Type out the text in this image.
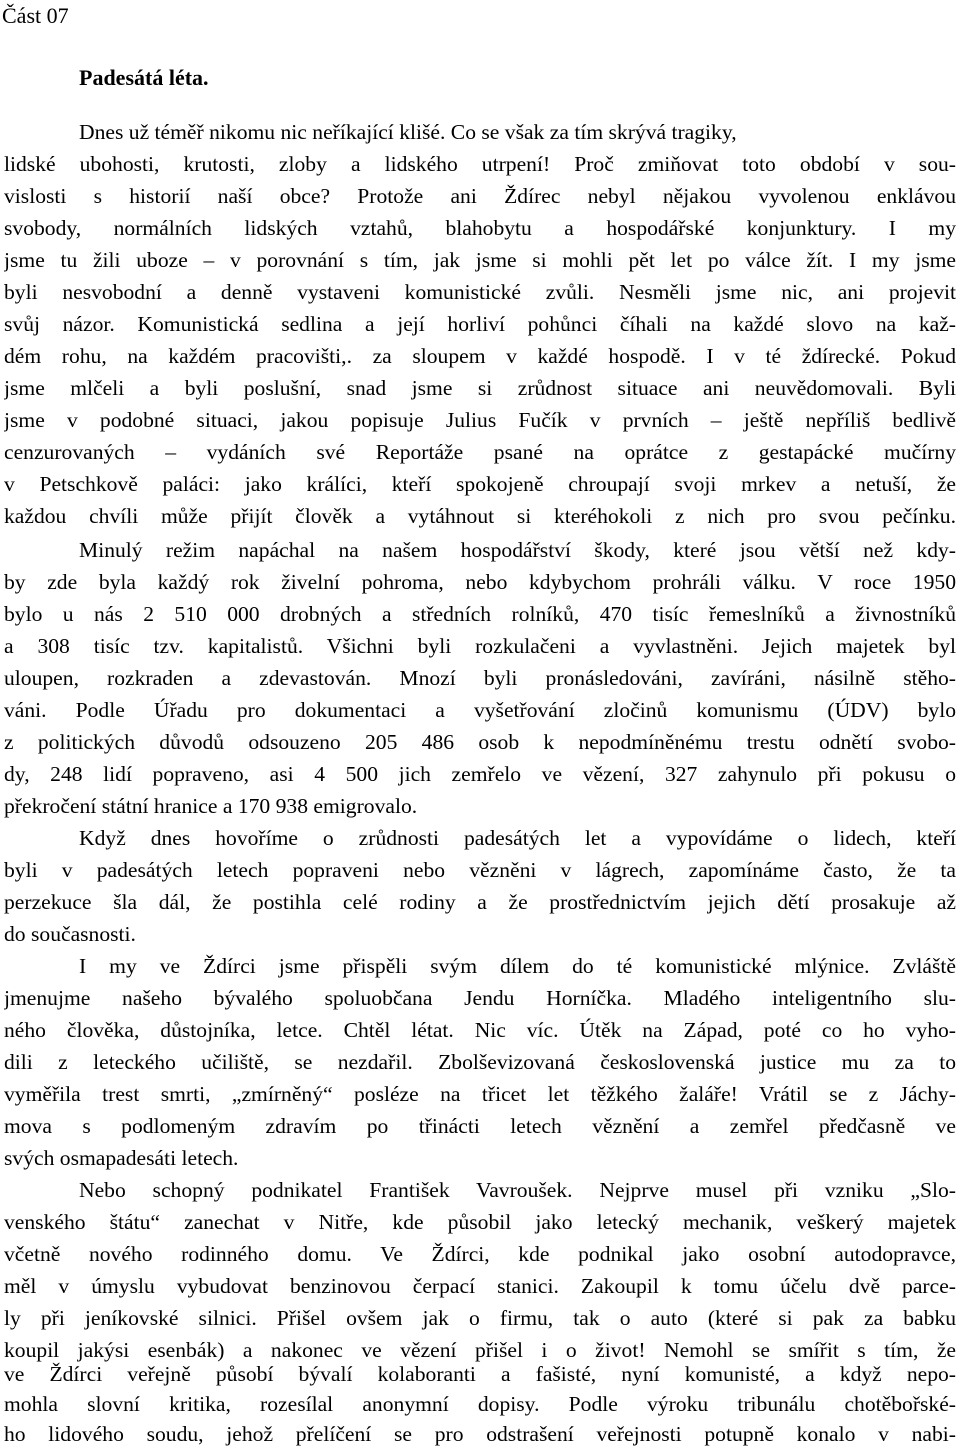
Část 07
Padesátá léta.
Dnes už téměř nikomu nic neříkající klišé. Co se však za tím skrývá tragiky,
lidské ubohosti, krutosti, zloby a lidského utrpení! Proč zmiňovat toto období v sou-
vislosti s historií naší obce? Protože ani Ždírec nebyl nějakou vyvolenou enklávou
svobody, normálních lidských vztahů, blahobytu a hospodářské konjunktury. I my
jsme tu žili uboze – v porovnání s tím, jak jsme si mohli pět let po válce žít. I my jsme
byli nesvobodní a denně vystaveni komunistické zvůli. Nesměli jsme nic, ani projevit
svůj názor. Komunistická sedlina a její horliví pohůnci číhali na každé slovo na kaž-
dém rohu, na každém pracovišti,. za sloupem v každé hospodě. I v té ždírecké. Pokud
jsme mlčeli a byli poslušní, snad jsme si zrůdnost situace ani neuvědomovali. Byli
jsme v podobné situaci, jakou popisuje Julius Fučík v prvních – ještě nepříliš bedlivě
cenzurovaných – vydáních své Reportáže psané na oprátce z gestapácké mučírny
v Petschkově paláci: jako králíci, kteří spokojeně chroupají svoji mrkev a netuší, že
každou chvíli může přijít člověk a vytáhnout si kteréhokoli z nich pro svou pečínku.
Minulý režim napáchal na našem hospodářství škody, které jsou větší než kdy-
by zde byla každý rok živelní pohroma, nebo kdybychom prohráli válku. V roce 1950
bylo u nás 2 510 000 drobných a středních rolníků, 470 tisíc řemeslníků a živnostníků
a 308 tisíc tzv. kapitalistů. Všichni byli rozkulačeni a vyvlastněni. Jejich majetek byl
uloupen, rozkraden a zdevastován. Mnozí byli pronásledováni, zavíráni, násilně stěho-
váni. Podle Úřadu pro dokumentaci a vyšetřování zločinů komunismu (ÚDV) bylo
z politických důvodů odsouzeno 205 486 osob k nepodmíněnému trestu odnětí svobo-
dy, 248 lidí popraveno, asi 4 500 jich zemřelo ve vězení, 327 zahynulo při pokusu o
překročení státní hranice a 170 938 emigrovalo.
Když dnes hovoříme o zrůdnosti padesátých let a vypovídáme o lidech, kteří
byli v padesátých letech popraveni nebo vězněni v lágrech, zapomínáme často, že ta
perzekuce šla dál, že postihla celé rodiny a že prostřednictvím jejich dětí prosakuje až
do současnosti.
I my ve Ždírci jsme přispěli svým dílem do té komunistické mlýnice. Zvláště
jmenujme našeho bývalého spoluobčana Jendu Horníčka. Mladého inteligentního slu-
ného člověka, důstojníka, letce. Chtěl létat. Nic víc. Útěk na Západ, poté co ho vyho-
dili z leteckého učiliště, se nezdařil. Zbolševizovaná československá justice mu za to
vyměřila trest smrti, „zmírněný“ posléze na třicet let těžkého žaláře! Vrátil se z Jáchy-
mova s podlomeným zdravím po třinácti letech věznění a zemřel předčasně ve
svých osmapadesáti letech.
Nebo schopný podnikatel František Vavroušek. Nejprve musel při vzniku „Slo-
venského štátu“ zanechat v Nitře, kde působil jako letecký mechanik, veškerý majetek
včetně nového rodinného domu. Ve Ždírci, kde podnikal jako osobní autodopravce,
měl v úmyslu vybudovat benzinovou čerpací stanici. Zakoupil k tomu účelu dvě parce-
ly při jeníkovské silnici. Přišel ovšem jak o firmu, tak o auto (které si pak za babku
koupil jakýsi esenbák) a nakonec ve vězení přišel i o život! Nemohl se smířit s tím, že
ve Ždírci veřejně působí bývalí kolaboranti a fašisté, nyní komunisté, a když nepo-
mohla slovní kritika, rozesílal anonymní dopisy. Podle výroku tribunálu chotěbořské-
ho lidového soudu, jehož přelíčení se pro odstrašení veřejnosti potupně konalo v nabi-
